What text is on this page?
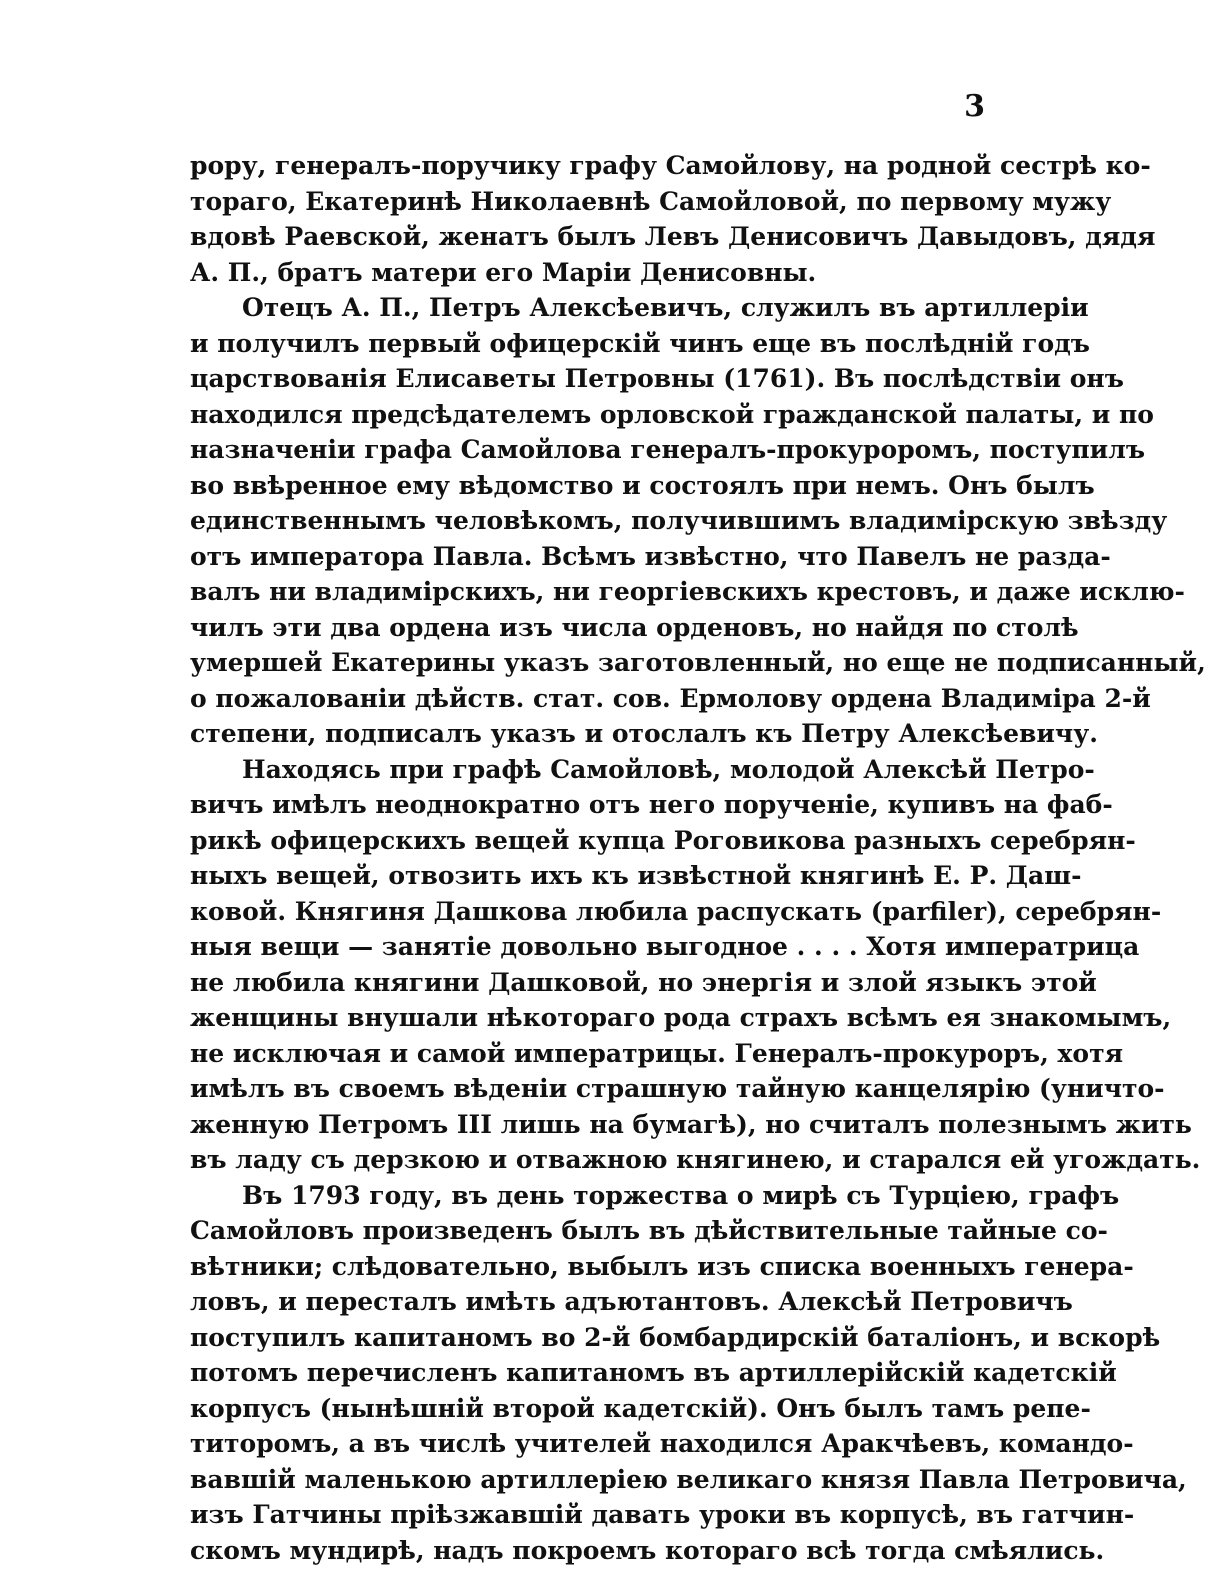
3
рору, генералъ-поручику графу Самойлову, на родной сестрѣ ко-
тораго, Екатеринѣ Николаевнѣ Самойловой, по первому мужу
вдовѣ Раевской, женатъ былъ Левъ Денисовичъ Давыдовъ, дядя
А. П., братъ матери его Маріи Денисовны.
Отецъ А. П., Петръ Алексѣевичъ, служилъ въ артиллеріи
и получилъ первый офицерскій чинъ еще въ послѣдній годъ
царствованія Елисаветы Петровны (1761). Въ послѣдствіи онъ
находился предсѣдателемъ орловской гражданской палаты, и по
назначеніи графа Самойлова генералъ-прокуроромъ, поступилъ
во ввѣренное ему вѣдомство и состоялъ при немъ. Онъ былъ
единственнымъ человѣкомъ, получившимъ владимірскую звѣзду
отъ императора Павла. Всѣмъ извѣстно, что Павелъ не разда-
валъ ни владимірскихъ, ни георгіевскихъ крестовъ, и даже исклю-
чилъ эти два ордена изъ числа орденовъ, но найдя по столѣ
умершей Екатерины указъ заготовленный, но еще не подписанный,
о пожалованіи дѣйств. стат. сов. Ермолову ордена Владиміра 2-й
степени, подписалъ указъ и отослалъ къ Петру Алексѣевичу.
Находясь при графѣ Самойловѣ, молодой Алексѣй Петро-
вичъ имѣлъ неоднократно отъ него порученіе, купивъ на фаб-
рикѣ офицерскихъ вещей купца Роговикова разныхъ серебрян-
ныхъ вещей, отвозить ихъ къ извѣстной княгинѣ Е. Р. Даш-
ковой. Княгиня Дашкова любила распускать (parfiler), серебрян-
ныя вещи — занятіе довольно выгодное . . . . Хотя императрица
не любила княгини Дашковой, но энергія и злой языкъ этой
женщины внушали нѣкотораго рода страхъ всѣмъ ея знакомымъ,
не исключая и самой императрицы. Генералъ-прокуроръ, хотя
имѣлъ въ своемъ вѣденіи страшную тайную канцелярію (уничто-
женную Петромъ III лишь на бумагѣ), но считалъ полезнымъ жить
въ ладу съ дерзкою и отважною княгинею, и старался ей угождать.
Въ 1793 году, въ день торжества о мирѣ съ Турціею, графъ
Самойловъ произведенъ былъ въ дѣйствительные тайные со-
вѣтники; слѣдовательно, выбылъ изъ списка военныхъ генера-
ловъ, и пересталъ имѣть адъютантовъ. Алексѣй Петровичъ
поступилъ капитаномъ во 2-й бомбардирскій баталіонъ, и вскорѣ
потомъ перечисленъ капитаномъ въ артиллерійскій кадетскій
корпусъ (нынѣшній второй кадетскій). Онъ былъ тамъ репе-
титоромъ, а въ числѣ учителей находился Аракчѣевъ, командо-
вавшій маленькою артиллеріею великаго князя Павла Петровича,
изъ Гатчины пріѣзжавшій давать уроки въ корпусѣ, въ гатчин-
скомъ мундирѣ, надъ покроемъ котораго всѣ тогда смѣялись.
